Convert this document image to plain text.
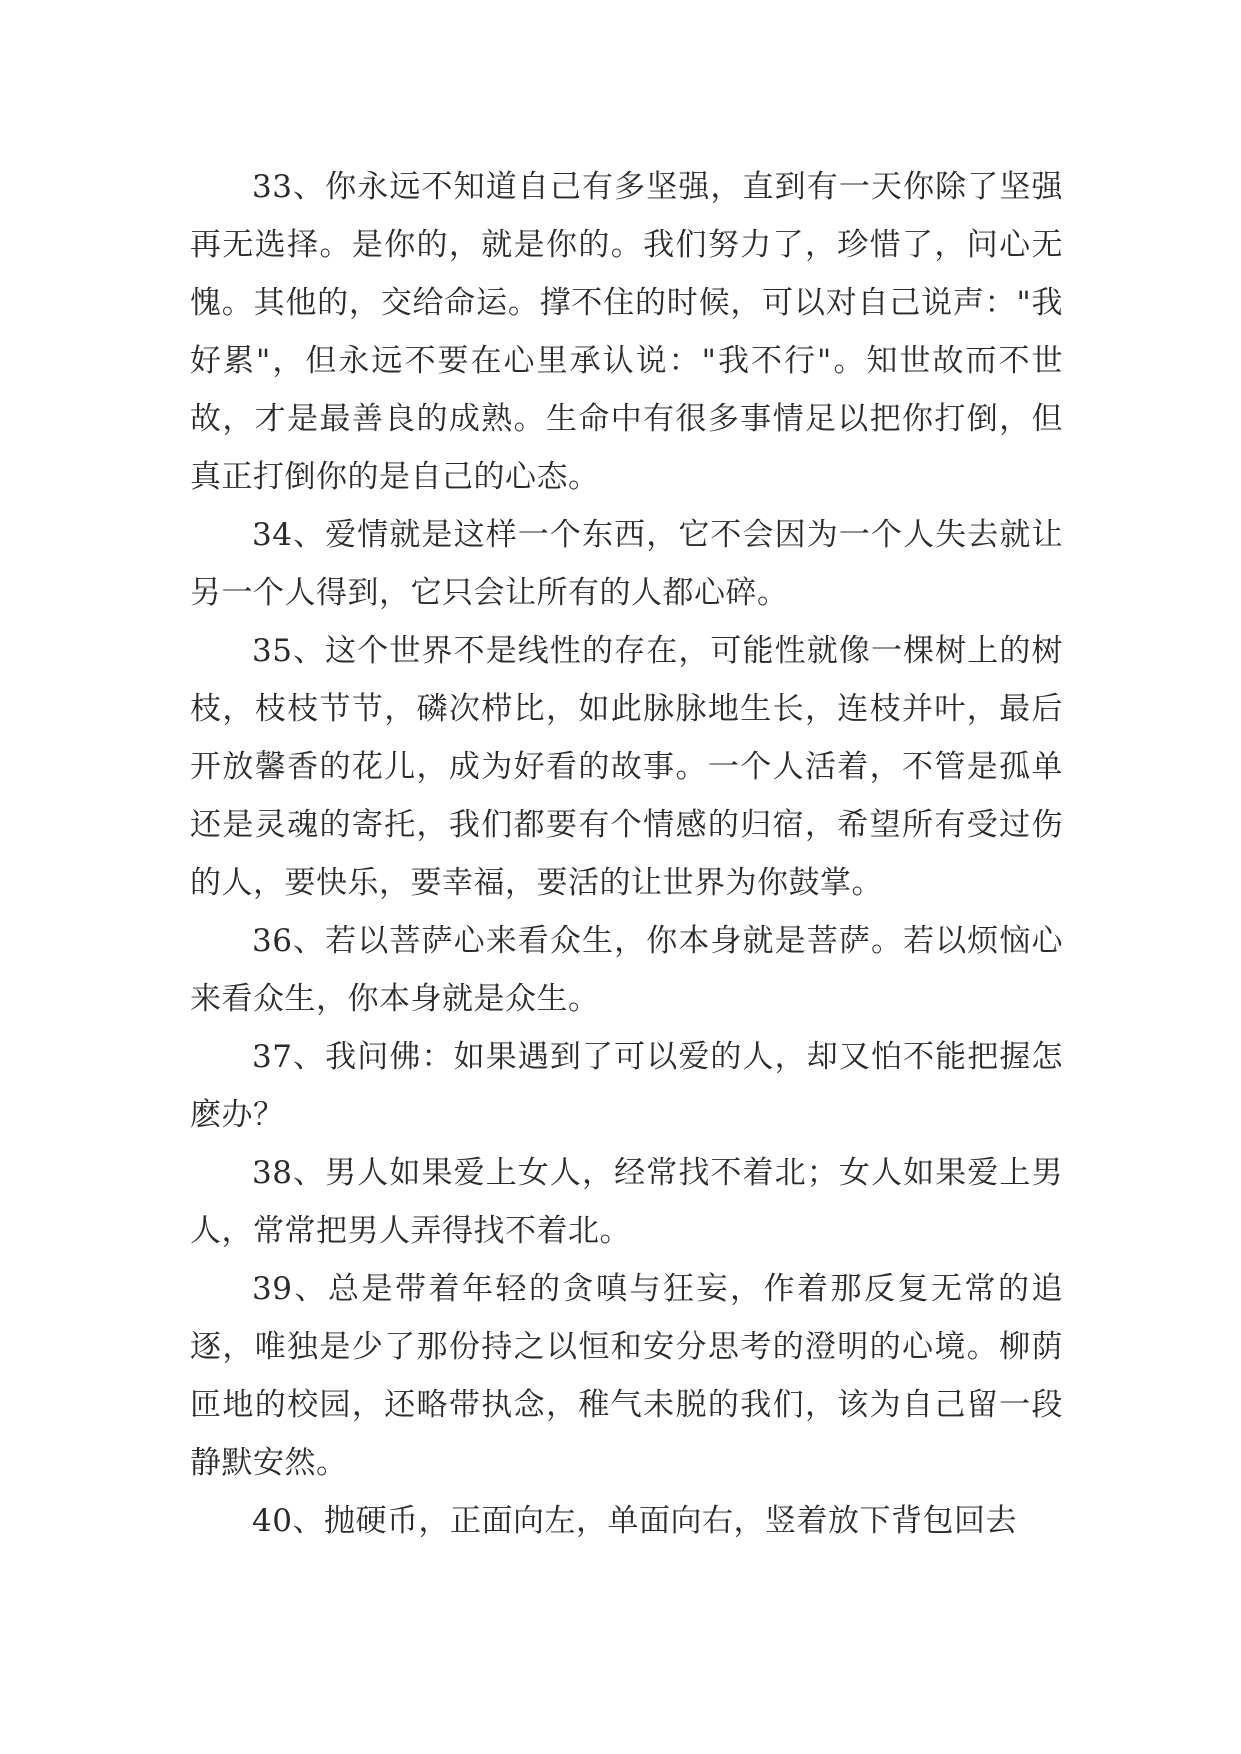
33、你永远不知道自己有多坚强，直到有一天你除了坚强再无选择。是你的，就是你的。我们努力了，珍惜了，问心无愧。其他的，交给命运。撑不住的时候，可以对自己说声："我好累"，但永远不要在心里承认说："我不行"。知世故而不世故，才是最善良的成熟。生命中有很多事情足以把你打倒，但真正打倒你的是自己的心态。

34、爱情就是这样一个东西，它不会因为一个人失去就让另一个人得到，它只会让所有的人都心碎。

35、这个世界不是线性的存在，可能性就像一棵树上的树枝，枝枝节节，磷次栉比，如此脉脉地生长，连枝并叶，最后开放馨香的花儿，成为好看的故事。一个人活着，不管是孤单还是灵魂的寄托，我们都要有个情感的归宿，希望所有受过伤的人，要快乐，要幸福，要活的让世界为你鼓掌。

36、若以菩萨心来看众生，你本身就是菩萨。若以烦恼心来看众生，你本身就是众生。

37、我问佛：如果遇到了可以爱的人，却又怕不能把握怎麽办？

38、男人如果爱上女人，经常找不着北；女人如果爱上男人，常常把男人弄得找不着北。

39、总是带着年轻的贪嗔与狂妄，作着那反复无常的追逐，唯独是少了那份持之以恒和安分思考的澄明的心境。柳荫匝地的校园，还略带执念，稚气未脱的我们，该为自己留一段静默安然。

40、抛硬币，正面向左，单面向右，竖着放下背包回去
